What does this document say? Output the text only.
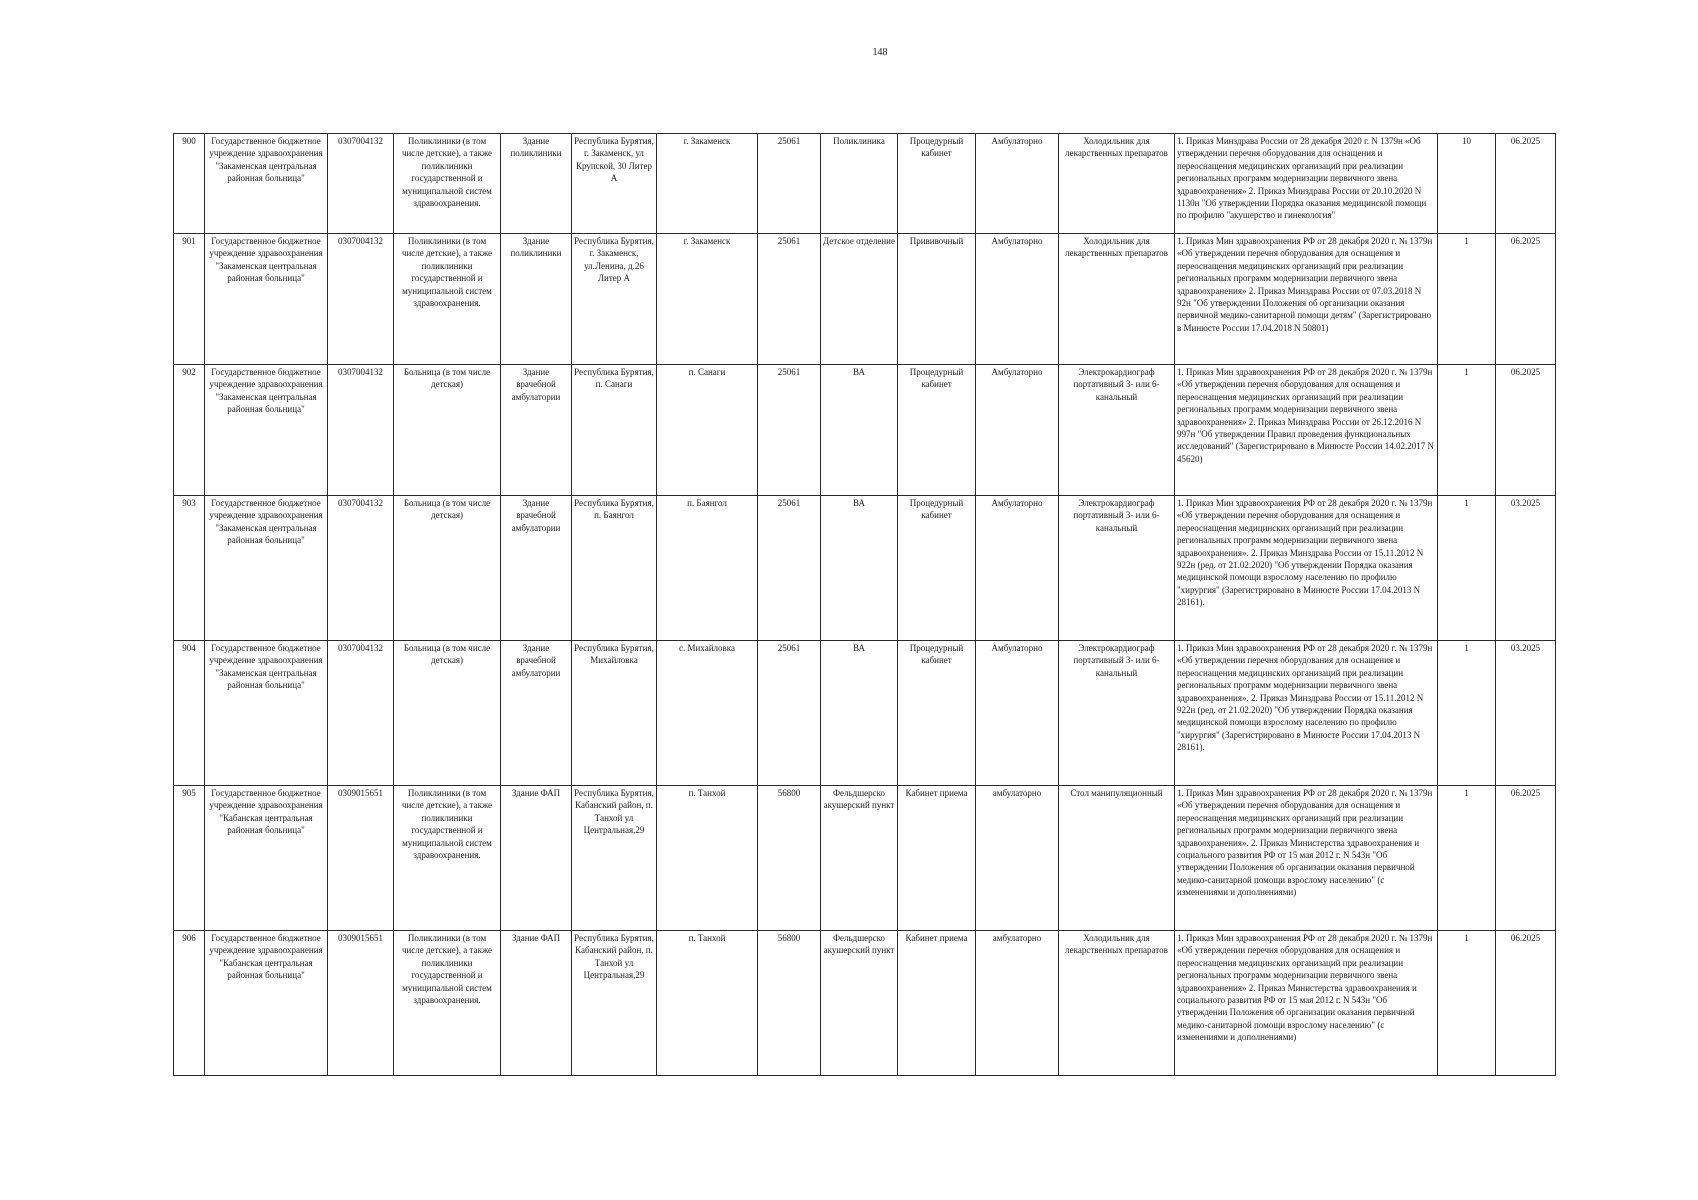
148
900	Государственное бюджетное учреждение здравоохранения "Закаменская центральная районная больница"	0307004132	Поликлиники (в том числе детские), а также поликлиники государственной и муниципальной систем здравоохранения.	Здание поликлиники	Республика Бурятия, г. Закаменск, ул Крупской, 30 Литер А	г. Закаменск	25061	Поликлиника	Процедурный кабинет	Амбулаторно	Холодильник для лекарственных препаратов	1. Приказ Минздрава России от 28 декабря 2020 г. N 1379н «Об утверждении перечня оборудования для оснащения и переоснащения медицинских организаций при реализации региональных программ модернизации первичного звена здравоохранения» 2. Приказ Минздрава России от 20.10.2020 N 1130н "Об утверждении Порядка оказания медицинской помощи по профилю "акушерство и гинекология"	10	06.2025
901	Государственное бюджетное учреждение здравоохранения "Закаменская центральная районная больница"	0307004132	Поликлиники (в том числе детские), а также поликлиники государственной и муниципальной систем здравоохранения.	Здание поликлиники	Республика Бурятия, г. Закаменск, ул.Ленина, д.26 Литер А	г. Закаменск	25061	Детское отделение	Прививочный	Амбулаторно	Холодильник для лекарственных препаратов	1. Приказ Мин здравоохранения РФ от 28 декабря 2020 г. № 1379н «Об утверждении перечня оборудования для оснащения и переоснащения медицинских организаций при реализации региональных программ модернизации первичного звена здравоохранения» 2. Приказ Минздрава России от 07.03.2018 N 92н "Об утверждении Положения об организации оказания первичной медико-санитарной помощи детям" (Зарегистрировано в Минюсте России 17.04.2018 N 50801)	1	06.2025
902	Государственное бюджетное учреждение здравоохранения "Закаменская центральная районная больница"	0307004132	Больница (в том числе детская)	Здание врачебной амбулатории	Республика Бурятия, п. Санаги	п. Санаги	25061	ВА	Процедурный кабинет	Амбулаторно	Электрокардиограф портативный 3- или 6-канальный	1. Приказ Мин здравоохранения РФ от 28 декабря 2020 г. № 1379н «Об утверждении перечня оборудования для оснащения и переоснащения медицинских организаций при реализации региональных программ модернизации первичного звена здравоохранения» 2. Приказ Минздрава России от 26.12.2016 N 997н "Об утверждении Правил проведения функциональных исследований" (Зарегистрировано в Минюсте России 14.02.2017 N 45620)	1	06.2025
903	Государственное бюджетное учреждение здравоохранения "Закаменская центральная районная больница"	0307004132	Больница (в том числе детская)	Здание врачебной амбулатории	Республика Бурятия, п. Баянгол	п. Баянгол	25061	ВА	Процедурный кабинет	Амбулаторно	Электрокардиограф портативный 3- или 6-канальный	1. Приказ Мин здравоохранения РФ от 28 декабря 2020 г. № 1379н «Об утверждении перечня оборудования для оснащения и переоснащения медицинских организаций при реализации региональных программ модернизации первичного звена здравоохранения». 2. Приказ Минздрава России от 15.11.2012 N 922н (ред. от 21.02.2020) "Об утверждении Порядка оказания медицинской помощи взрослому населению по профилю "хирургия" (Зарегистрировано в Минюсте России 17.04.2013 N 28161).	1	03.2025
904	Государственное бюджетное учреждение здравоохранения "Закаменская центральная районная больница"	0307004132	Больница (в том числе детская)	Здание врачебной амбулатории	Республика Бурятия, Михайловка	с. Михайловка	25061	ВА	Процедурный кабинет	Амбулаторно	Электрокардиограф портативный 3- или 6-канальный	1. Приказ Мин здравоохранения РФ от 28 декабря 2020 г. № 1379н «Об утверждении перечня оборудования для оснащения и переоснащения медицинских организаций при реализации региональных программ модернизации первичного звена здравоохранения». 2. Приказ Минздрава России от 15.11.2012 N 922н (ред. от 21.02.2020) "Об утверждении Порядка оказания медицинской помощи взрослому населению по профилю "хирургия" (Зарегистрировано в Минюсте России 17.04.2013 N 28161).	1	03.2025
905	Государственное бюджетное учреждение здравоохранения "Кабанская центральная районная больница"	0309015651	Поликлиники (в том числе детские), а также поликлиники государственной и муниципальной систем здравоохранения.	Здание ФАП	Республика Бурятия, Кабанский район, п. Танхой ул Центральная,29	п. Танхой	56800	Фельдшерско акушерский пункт	Кабинет приема	амбулаторно	Стол манипуляционный	1. Приказ Мин здравоохранения РФ от 28 декабря 2020 г. № 1379н «Об утверждении перечня оборудования для оснащения и переоснащения медицинских организаций при реализации региональных программ модернизации первичного звена здравоохранения». 2. Приказ Министерства здравоохранения и социального развития РФ от 15 мая 2012 г. N 543н "Об утверждении Положения об организации оказания первичной медико-санитарной помощи взрослому населению" (с изменениями и дополнениями)	1	06.2025
906	Государственное бюджетное учреждение здравоохранения "Кабанская центральная районная больница"	0309015651	Поликлиники (в том числе детские), а также поликлиники государственной и муниципальной систем здравоохранения.	Здание ФАП	Республика Бурятия, Кабанский район, п. Танхой ул Центральная,29	п. Танхой	56800	Фельдшерско акушерский пункт	Кабинет приема	амбулаторно	Холодильник для лекарственных препаратов	1. Приказ Мин здравоохранения РФ от 28 декабря 2020 г. № 1379н «Об утверждении перечня оборудования для оснащения и переоснащения медицинских организаций при реализации региональных программ модернизации первичного звена здравоохранения» 2. Приказ Министерства здравоохранения и социального развития РФ от 15 мая 2012 г. N 543н "Об утверждении Положения об организации оказания первичной медико-санитарной помощи взрослому населению" (с изменениями и дополнениями)	1	06.2025
